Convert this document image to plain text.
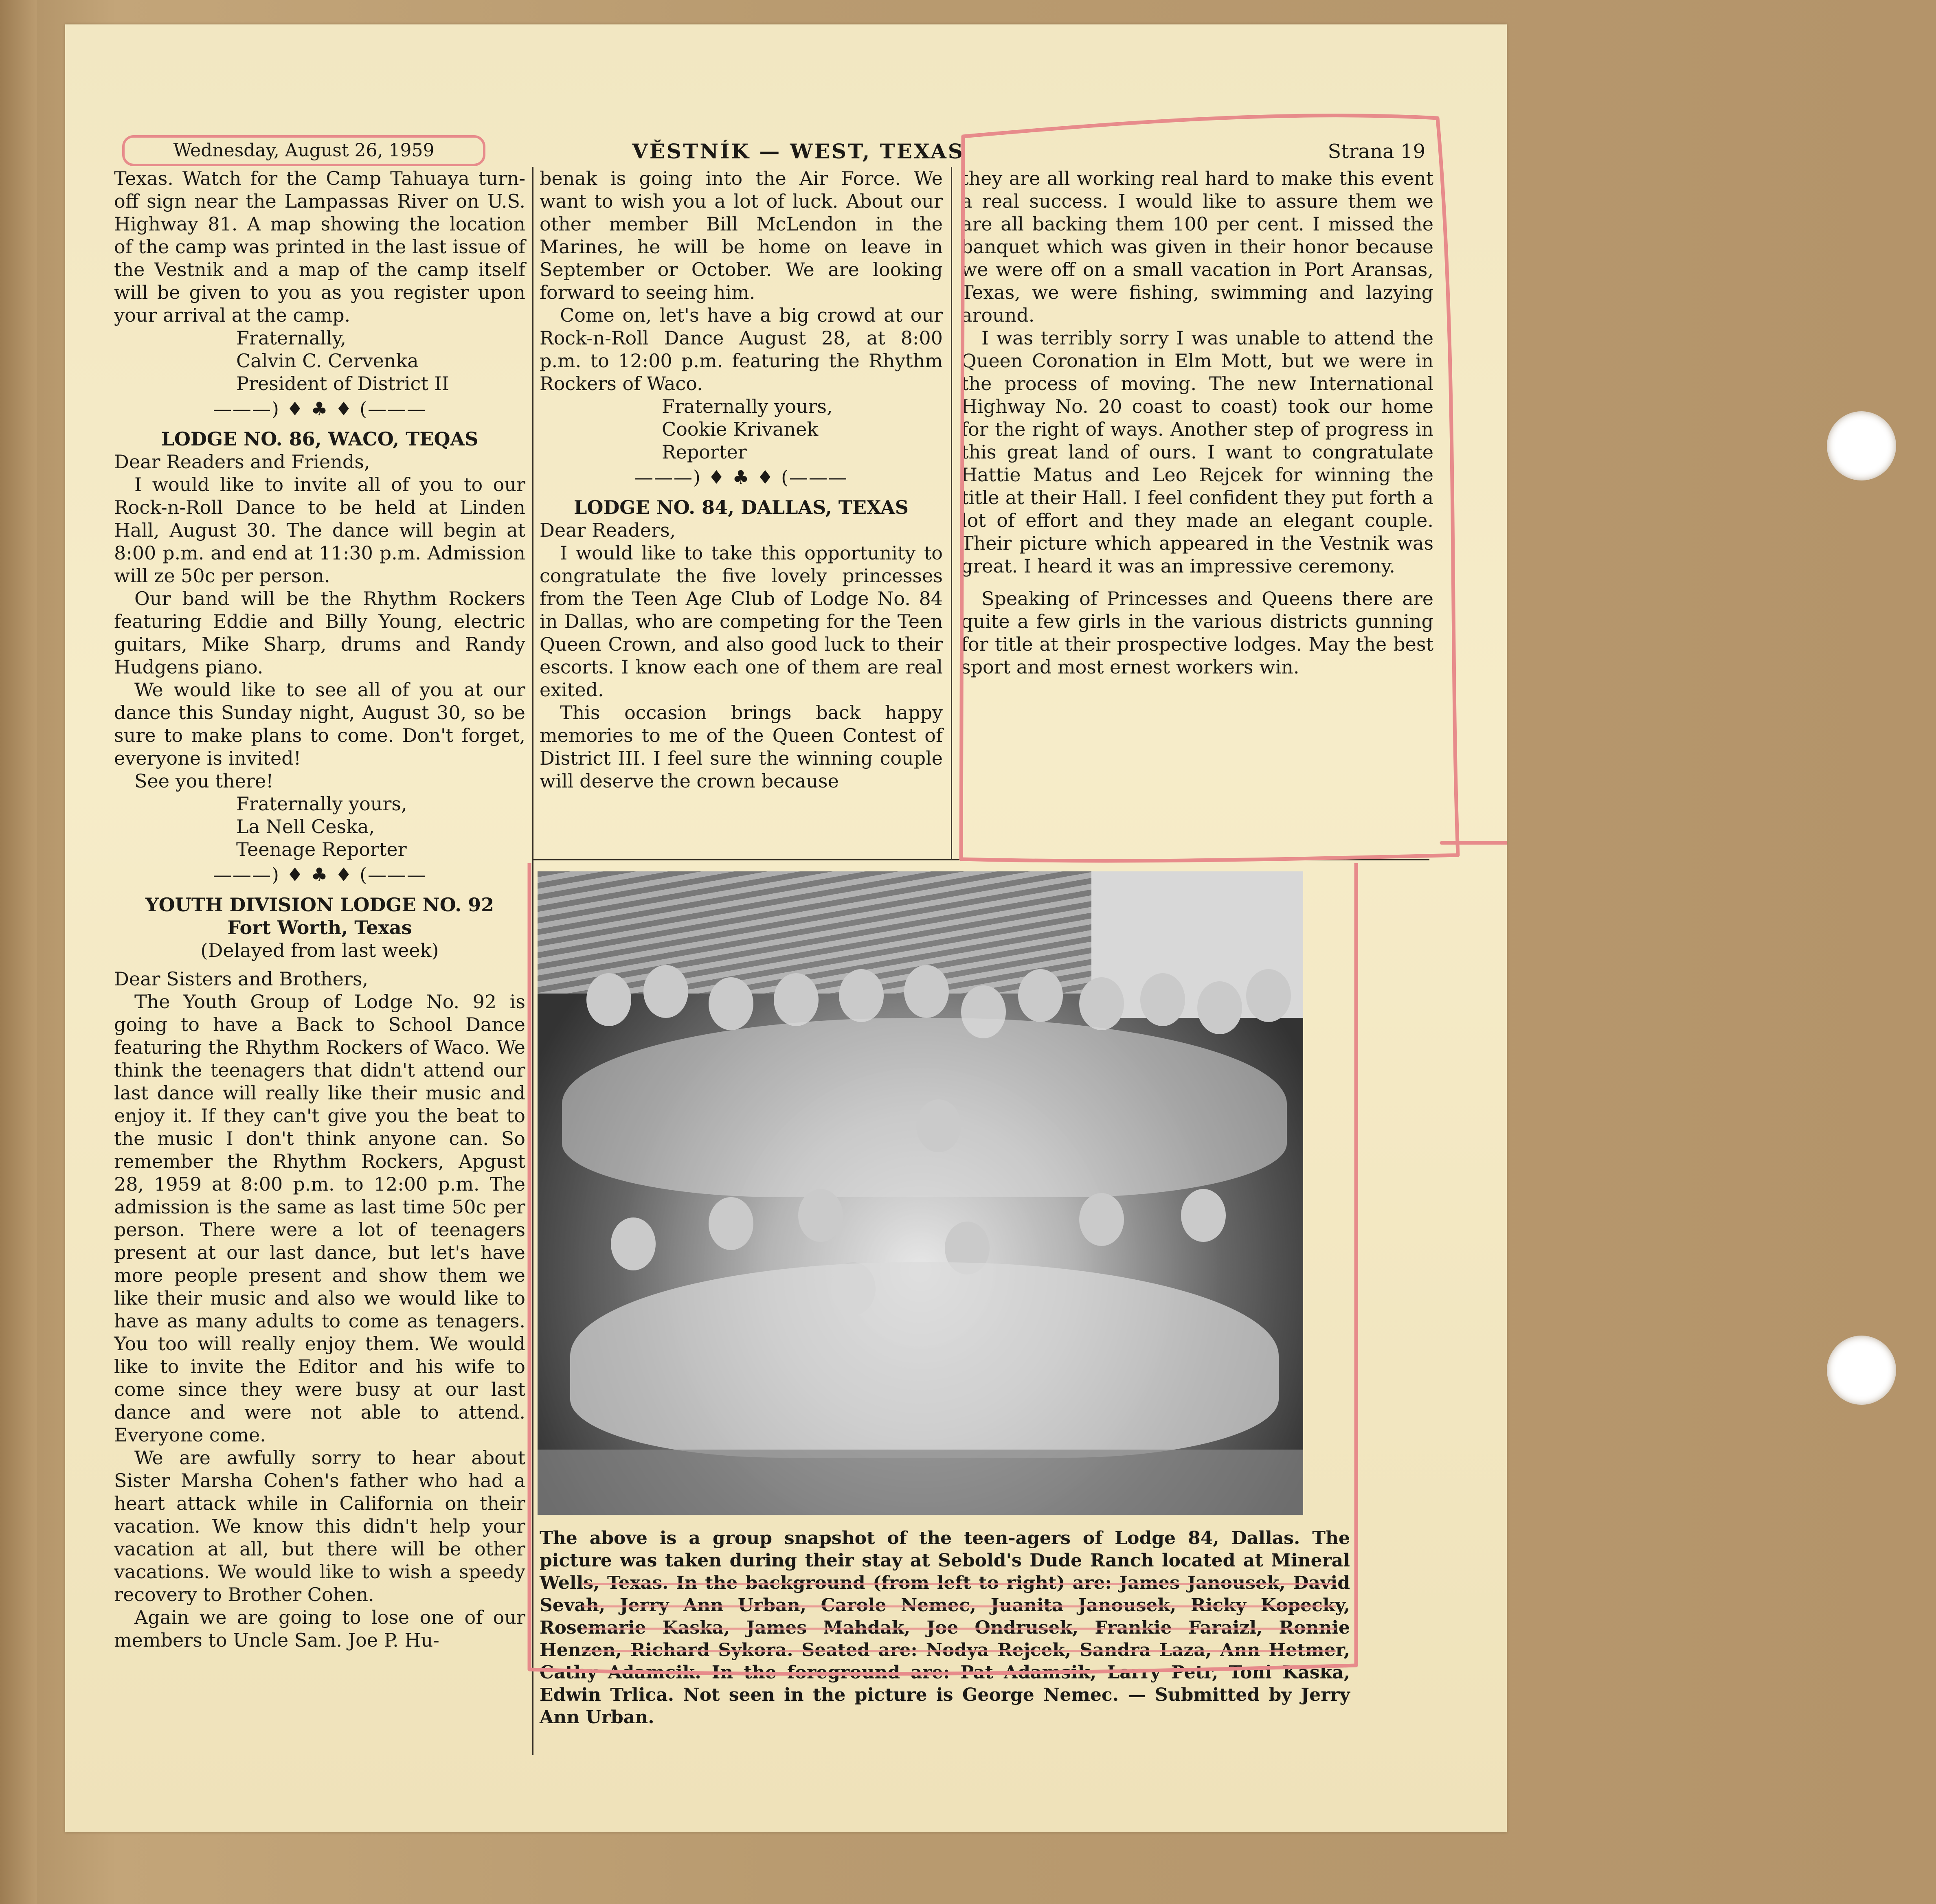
Wednesday, August 26, 1959	VĚSTNÍK — WEST, TEXAS	Strana 19

Texas. Watch for the Camp Tahuaya turn-off sign near the Lampassas River on U.S. Highway 81. A map showing the location of the camp was printed in the last issue of the Vestnik and a map of the camp itself will be given to you as you register upon your arrival at the camp.

Fraternally,

Calvin C. Cervenka

President of District II

———) ♦ ♣ ♦ (———

LODGE NO. 86, WACO, TEQAS

Dear Readers and Friends,

I would like to invite all of you to our Rock-n-Roll Dance to be held at Linden Hall, August 30. The dance will begin at 8:00 p.m. and end at 11:30 p.m. Admission will ze 50c per person.

Our band will be the Rhythm Rockers featuring Eddie and Billy Young, electric guitars, Mike Sharp, drums and Randy Hudgens piano.

We would like to see all of you at our dance this Sunday night, August 30, so be sure to make plans to come. Don't forget, everyone is invited!

See you there!

Fraternally yours,

La Nell Ceska,

Teenage Reporter

———) ♦ ♣ ♦ (———

YOUTH DIVISION LODGE NO. 92

Fort Worth, Texas

(Delayed from last week)

Dear Sisters and Brothers,

The Youth Group of Lodge No. 92 is going to have a Back to School Dance featuring the Rhythm Rockers of Waco. We think the teenagers that didn't attend our last dance will really like their music and enjoy it. If they can't give you the beat to the music I don't think anyone can. So remember the Rhythm Rockers, Apgust 28, 1959 at 8:00 p.m. to 12:00 p.m. The admission is the same as last time 50c per person. There were a lot of teenagers present at our last dance, but let's have more people present and show them we like their music and also we would like to have as many adults to come as tenagers. You too will really enjoy them. We would like to invite the Editor and his wife to come since they were busy at our last dance and were not able to attend. Everyone come.

We are awfully sorry to hear about Sister Marsha Cohen's father who had a heart attack while in California on their vacation. We know this didn't help your vacation at all, but there will be other vacations. We would like to wish a speedy recovery to Brother Cohen.

Again we are going to lose one of our members to Uncle Sam. Joe P. Hu-

benak is going into the Air Force. We want to wish you a lot of luck. About our other member Bill McLendon in the Marines, he will be home on leave in September or October. We are looking forward to seeing him.

Come on, let's have a big crowd at our Rock-n-Roll Dance August 28, at 8:00 p.m. to 12:00 p.m. featuring the Rhythm Rockers of Waco.

Fraternally yours,

Cookie Krivanek

Reporter

———) ♦ ♣ ♦ (———

LODGE NO. 84, DALLAS, TEXAS

Dear Readers,

I would like to take this opportunity to congratulate the five lovely princesses from the Teen Age Club of Lodge No. 84 in Dallas, who are competing for the Teen Queen Crown, and also good luck to their escorts. I know each one of them are real exited.

This occasion brings back happy memories to me of the Queen Contest of District III. I feel sure the winning couple will deserve the crown because

they are all working real hard to make this event a real success. I would like to assure them we are all backing them 100 per cent. I missed the banquet which was given in their honor because we were off on a small vacation in Port Aransas, Texas, we were fishing, swimming and lazying around.

I was terribly sorry I was unable to attend the Queen Coronation in Elm Mott, but we were in the process of moving. The new International Highway No. 20 coast to coast) took our home for the right of ways. Another step of progress in this great land of ours. I want to congratulate Hattie Matus and Leo Rejcek for winning the title at their Hall. I feel confident they put forth a lot of effort and they made an elegant couple. Their picture which appeared in the Vestnik was great. I heard it was an impressive ceremony.

Speaking of Princesses and Queens there are quite a few girls in the various districts gunning for title at their prospective lodges. May the best sport and most ernest workers win.

The above is a group snapshot of the teen-agers of Lodge 84, Dallas. The picture was taken during their stay at Sebold's Dude Ranch located at Mineral Wells, Texas. In the background (from left to right) are: James Janousek, David Sevah, Jerry Ann Urban, Carole Nemec, Juanita Janousek, Ricky Kopecky, Rosemarie Kaska, James Mahdak, Joe Ondrusek, Frankie Faraizl, Ronnie Henzen, Richard Sykora. Seated are: Nodya Rejcek, Sandra Laza, Ann Hetmer, Cathy Adamcik. In the foreground are: Pat Adamsik, Larry Petr, Toni Kaska, Edwin Trlica. Not seen in the picture is George Nemec. — Submitted by Jerry Ann Urban.
